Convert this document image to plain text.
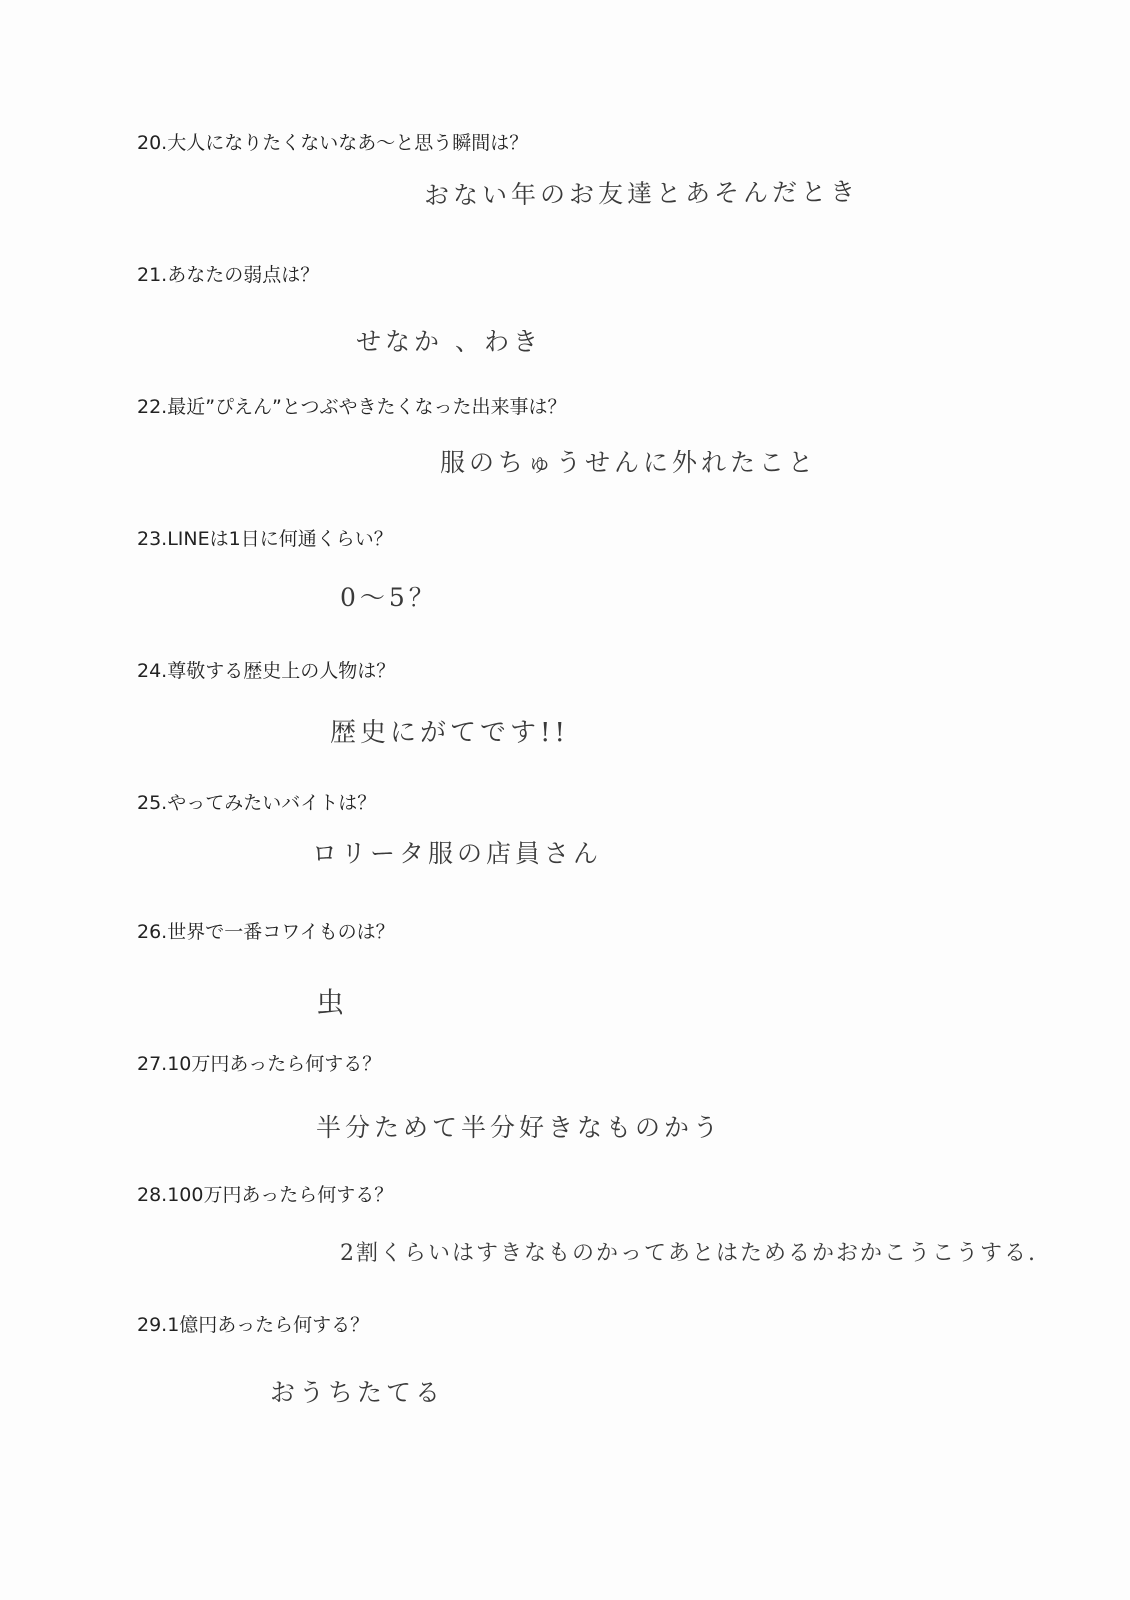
20.大人になりたくないなあ〜と思う瞬間は？
おない年のお友達とあそんだとき
21.あなたの弱点は？
せなか 、わき
22.最近”ぴえん”とつぶやきたくなった出来事は？
服のちゅうせんに外れたこと
23.LINEは1日に何通くらい？
0〜5？
24.尊敬する歴史上の人物は？
歴史にがてです!!
25.やってみたいバイトは？
ロリータ服の店員さん
26.世界で一番コワイものは？
虫
27.10万円あったら何する？
半分ためて半分好きなものかう
28.100万円あったら何する？
2割くらいはすきなものかってあとはためるかおかこうこうする.
29.1億円あったら何する？
おうちたてる
